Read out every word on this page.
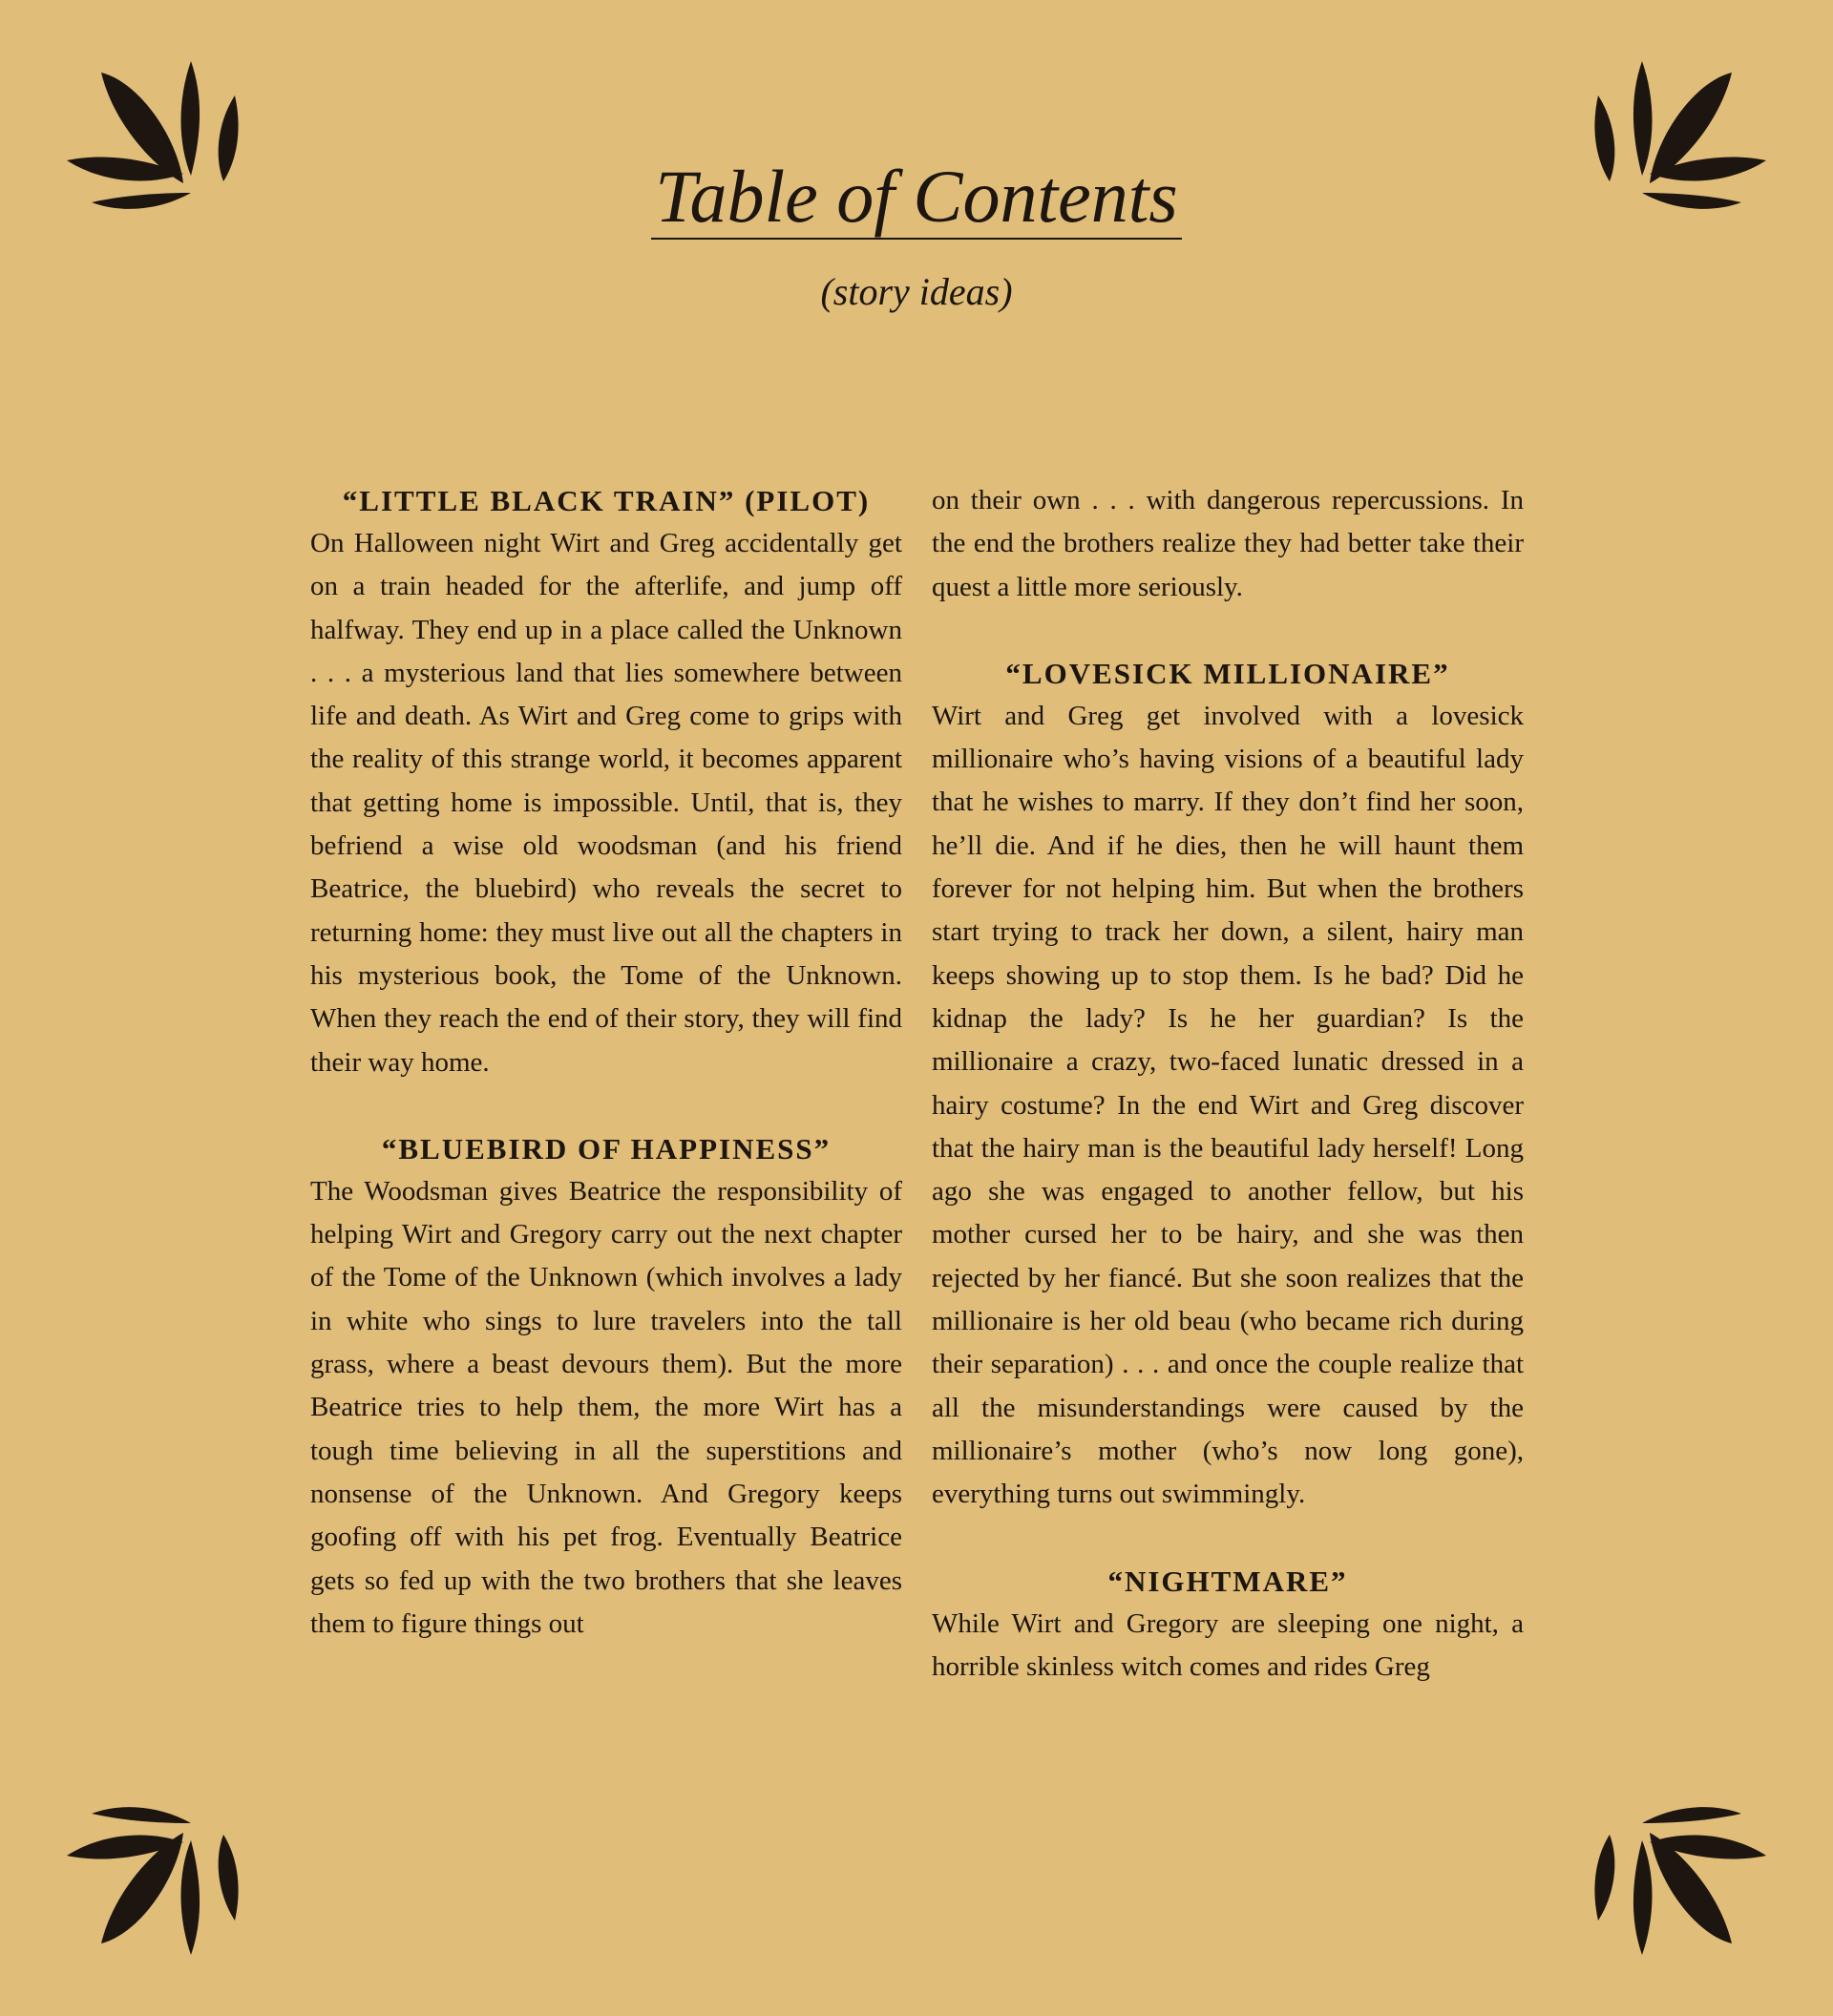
Table of Contents

(story ideas)

“LITTLE BLACK TRAIN” (PILOT)

On Halloween night Wirt and Greg accidentally get on a train headed for the afterlife, and jump off halfway. They end up in a place called the Unknown . . . a mysterious land that lies somewhere between life and death. As Wirt and Greg come to grips with the reality of this strange world, it becomes apparent that getting home is impossible. Until, that is, they befriend a wise old woodsman (and his friend Beatrice, the bluebird) who reveals the secret to returning home: they must live out all the chapters in his mysterious book, the Tome of the Unknown. When they reach the end of their story, they will find their way home.

“BLUEBIRD OF HAPPINESS”

The Woodsman gives Beatrice the responsibility of helping Wirt and Gregory carry out the next chapter of the Tome of the Unknown (which involves a lady in white who sings to lure travelers into the tall grass, where a beast devours them). But the more Beatrice tries to help them, the more Wirt has a tough time believing in all the superstitions and nonsense of the Unknown. And Gregory keeps goofing off with his pet frog. Eventually Beatrice gets so fed up with the two brothers that she leaves them to figure things out

on their own . . . with dangerous repercussions. In the end the brothers realize they had better take their quest a little more seriously.

“LOVESICK MILLIONAIRE”

Wirt and Greg get involved with a lovesick millionaire who’s having visions of a beautiful lady that he wishes to marry. If they don’t find her soon, he’ll die. And if he dies, then he will haunt them forever for not helping him. But when the brothers start trying to track her down, a silent, hairy man keeps showing up to stop them. Is he bad? Did he kidnap the lady? Is he her guardian? Is the millionaire a crazy, two-faced lunatic dressed in a hairy costume? In the end Wirt and Greg discover that the hairy man is the beautiful lady herself! Long ago she was engaged to another fellow, but his mother cursed her to be hairy, and she was then rejected by her fiancé. But she soon realizes that the millionaire is her old beau (who became rich during their separation) . . . and once the couple realize that all the misunderstandings were caused by the millionaire’s mother (who’s now long gone), everything turns out swimmingly.

“NIGHTMARE”

While Wirt and Gregory are sleeping one night, a horrible skinless witch comes and rides Greg
